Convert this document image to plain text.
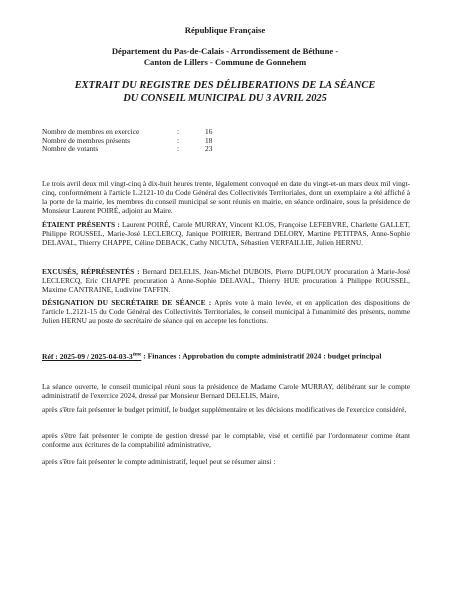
République Française
Département du Pas-de-Calais - Arrondissement de Béthune -
Canton de Lillers - Commune de Gonnehem
EXTRAIT DU REGISTRE DES DÉLIBERATIONS DE LA SÉANCE
DU CONSEIL MUNICIPAL DU 3 AVRIL 2025
Nombre de membres en exercice	:	16
Nombre de membres présents	:	18
Nombre de votants	:	23
Le trois avril deux mil vingt-cinq à dix-huit heures trente, légalement convoqué en date du vingt-et-un mars deux mil vingt-cinq, conformément à l'article L.2121-10 du Code Général des Collectivités Territoriales, dont un exemplaire a été affiché à la porte de la mairie, les membres du conseil municipal se sont réunis en mairie, en séance ordinaire, sous la présidence de Monsieur Laurent POIRÉ, adjoint au Maire.
ÉTAIENT PRÉSENTS : Laurent POIRÉ, Carole MURRAY, Vincent KLOS, Françoise LEFEBVRE, Charlette GALLET, Philippe ROUSSEL, Marie-José LECLERCQ, Janique POIRIER, Bertrand DELORY, Martine PETITPAS, Anne-Sophie DELAVAL, Thierry CHAPPE, Céline DEBACK, Cathy NICUTA, Sébastien VERFAILLIE, Julien HERNU.
EXCUSÉS, RÉPRÉSENTÉS : Bernard DELELIS, Jean-Michel DUBOIS, Pierre DUPLOUY procuration à Marie-José LECLERCQ, Eric CHAPPE procuration à Anne-Sophie DELAVAL, Thierry HUE procuration à Philippe ROUSSEL, Maxime CANTRAINE, Ludivine TAFFIN.
DÉSIGNATION DU SECRÉTAIRE DE SÉANCE : Après vote à main levée, et en application des dispositions de l'article L.2121-15 du Code Général des Collectivités Territoriales, le conseil municipal à l'unanimité des présents, nomme Julien HERNU au poste de secrétaire de séance qui en accepte les fonctions.
Réf : 2025-09 / 2025-04-03-3ème : Finances : Approbation du compte administratif 2024 : budget principal
La séance ouverte, le conseil municipal réuni sous la présidence de Madame Carole MURRAY, délibérant sur le compte administratif de l'exercice 2024, dressé par Monsieur Bernard DELELIS, Maire,
après s'être fait présenter le budget primitif, le budget supplémentaire et les décisions modificatives de l'exercice considéré,
après s'être fait présenter le compte de gestion dressé par le comptable, visé et certifié par l'ordonnateur comme étant conforme aux écritures de la comptabilité administrative,
après s'être fait présenter le compte administratif, lequel peut se résumer ainsi :
